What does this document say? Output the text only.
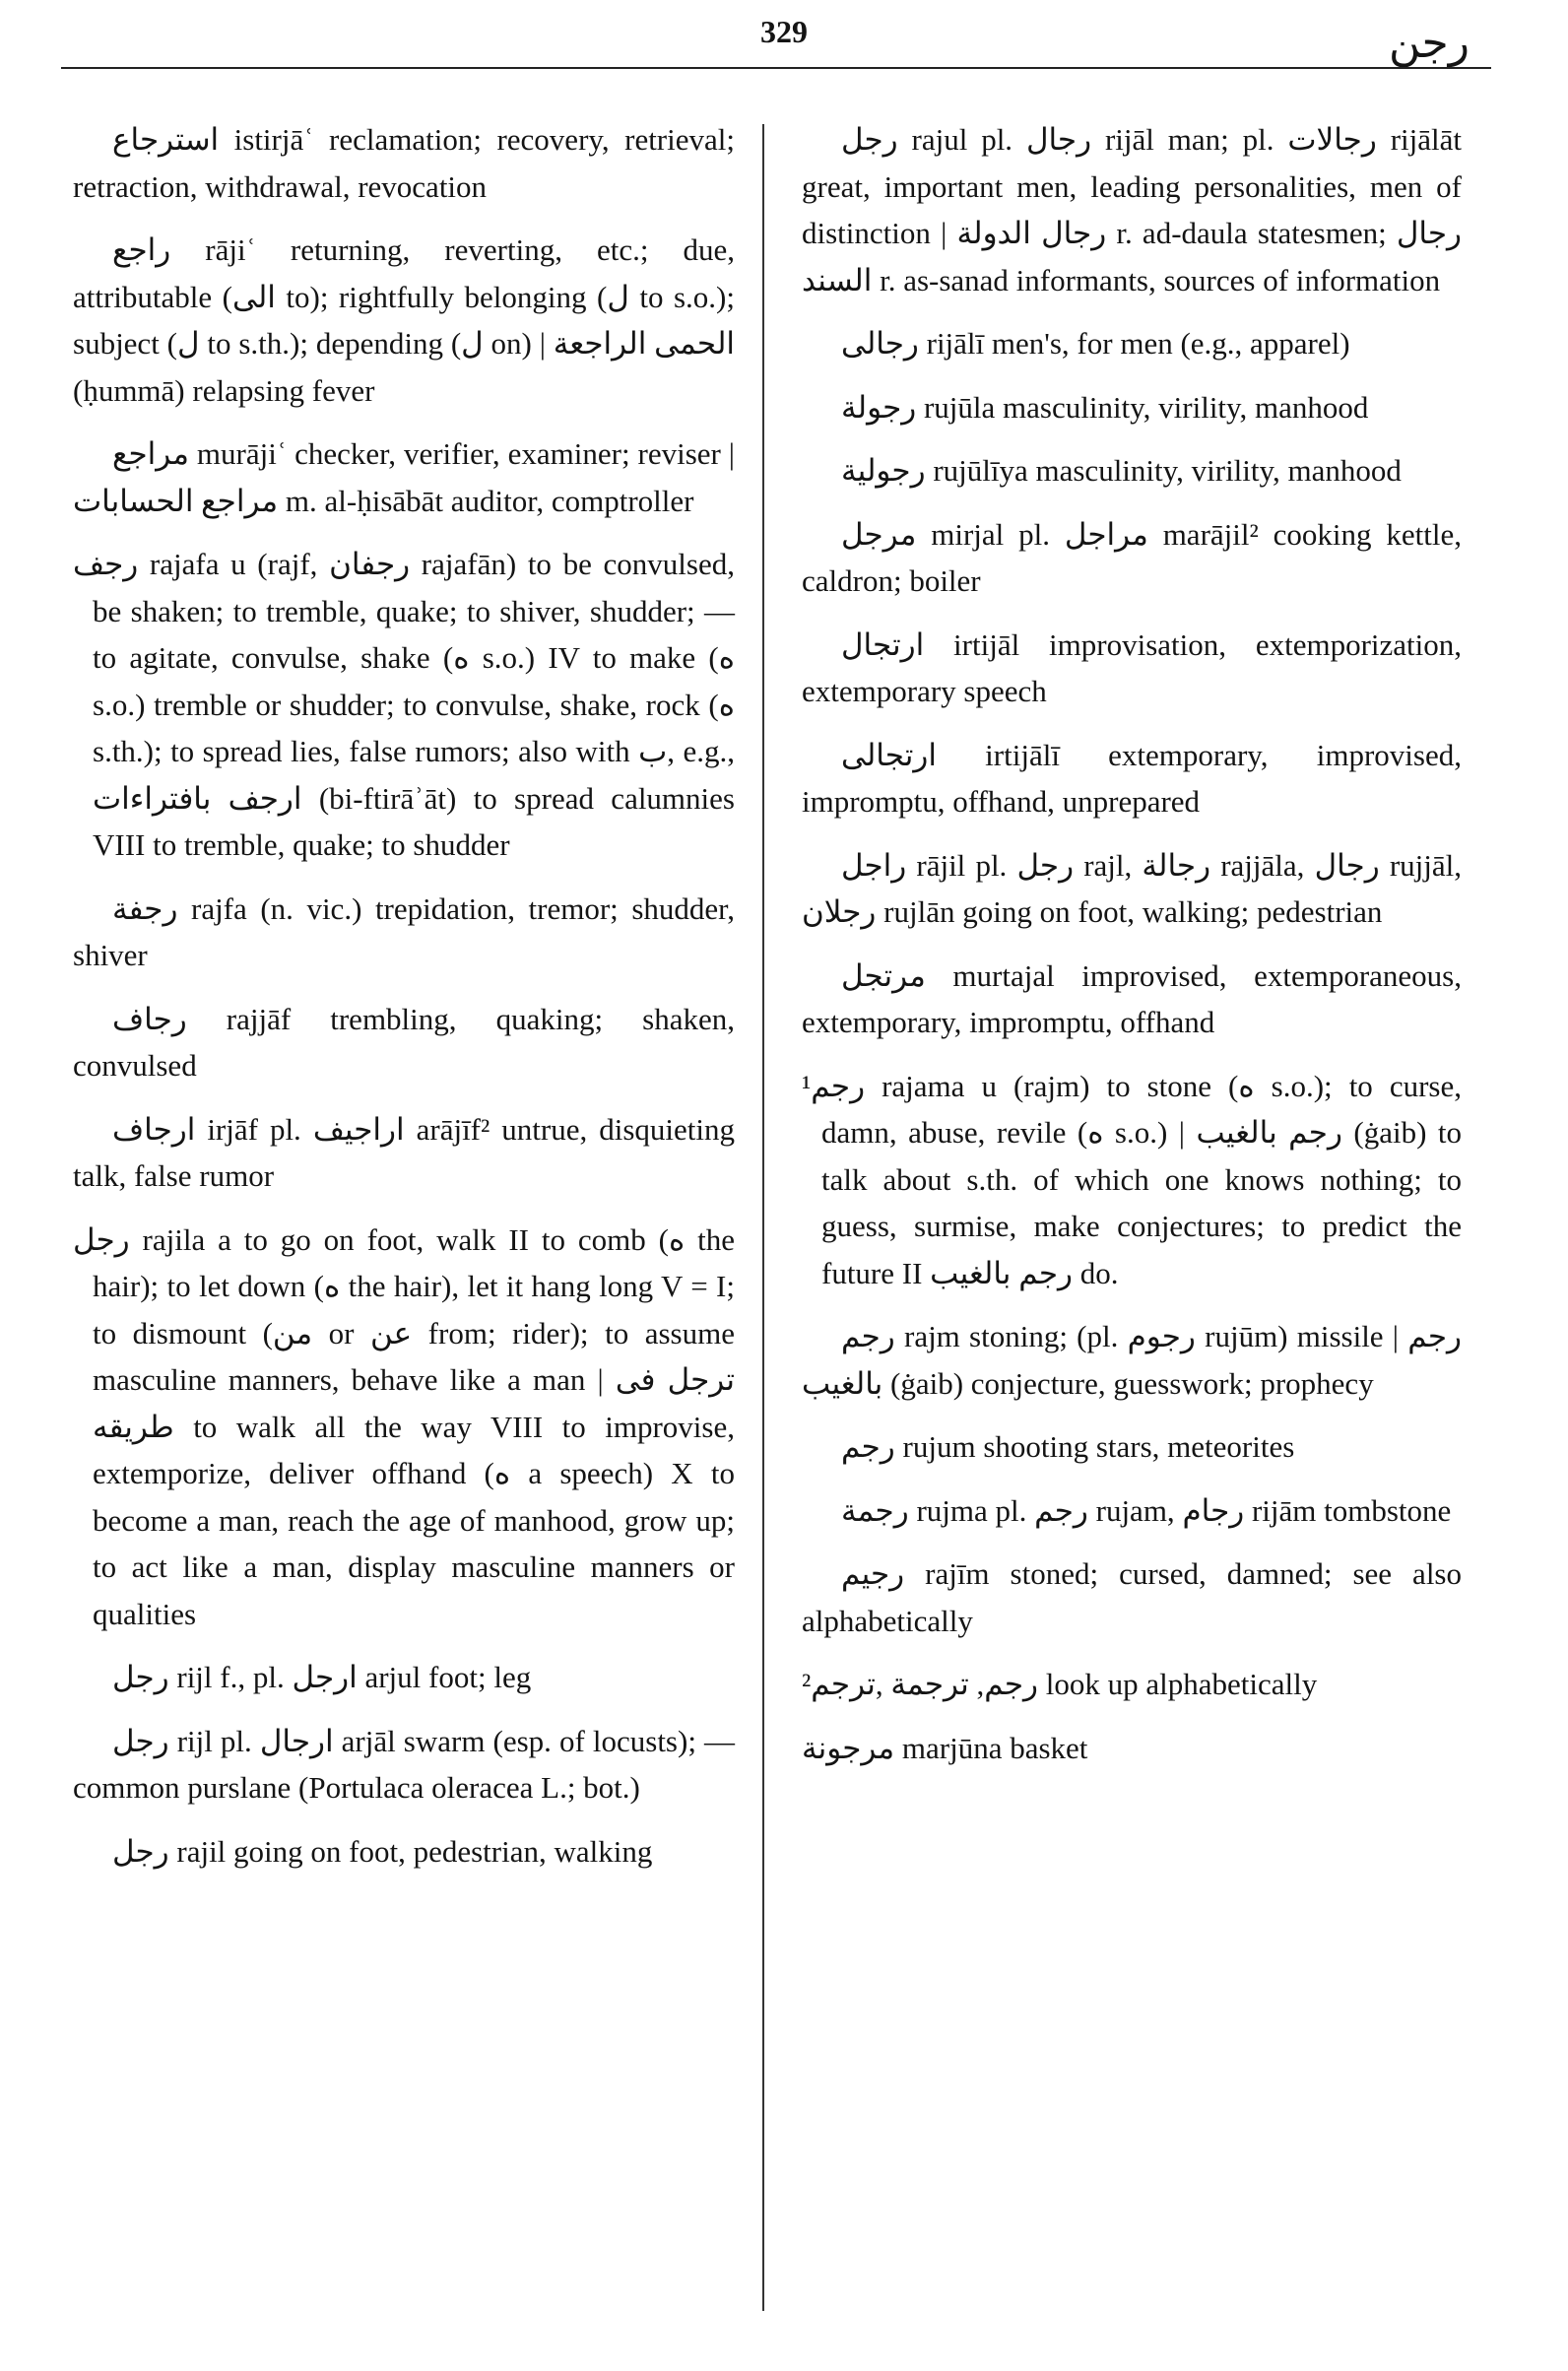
329	رجن

استرجاع istirjāʿ reclamation; recovery, retrieval; retraction, withdrawal, revocation

راجع rājiʿ returning, reverting, etc.; due, attributable (الى to); rightfully belonging (ل to s.o.); subject (ل to s.th.); depending (ل on) | الحمى الراجعة (ḥummā) relapsing fever

مراجع murājiʿ checker, verifier, examiner; reviser | مراجع الحسابات m. al-ḥisābāt auditor, comptroller

رجف rajafa u (rajf, رجفان rajafān) to be convulsed, be shaken; to tremble, quake; to shiver, shudder; — to agitate, convulse, shake (ه s.o.) IV to make (ه s.o.) tremble or shudder; to convulse, shake, rock (ه s.th.); to spread lies, false rumors; also with ب, e.g., ارجف بافتراءات (bi-ftirāʾāt) to spread calumnies VIII to tremble, quake; to shudder

رجفة rajfa (n. vic.) trepidation, tremor; shudder, shiver

رجاف rajjāf trembling, quaking; shaken, convulsed

ارجاف irjāf pl. اراجيف arājīf² untrue, disquieting talk, false rumor

رجل rajila a to go on foot, walk II to comb (ه the hair); to let down (ه the hair), let it hang long V = I; to dismount (من or عن from; rider); to assume masculine manners, behave like a man | ترجل فى طريقه to walk all the way VIII to improvise, extemporize, deliver offhand (ه a speech) X to become a man, reach the age of manhood, grow up; to act like a man, display masculine manners or qualities

رجل rijl f., pl. ارجل arjul foot; leg

رجل rijl pl. ارجال arjāl swarm (esp. of locusts); — common purslane (Portulaca oleracea L.; bot.)

رجل rajil going on foot, pedestrian, walking

رجل rajul pl. رجال rijāl man; pl. رجالات rijālāt great, important men, leading personalities, men of distinction | رجال الدولة r. ad-daula statesmen; رجال السند r. as-sanad informants, sources of information

رجالى rijālī men's, for men (e.g., apparel)

رجولة rujūla masculinity, virility, manhood

رجولية rujūlīya masculinity, virility, manhood

مرجل mirjal pl. مراجل marājil² cooking kettle, caldron; boiler

ارتجال irtijāl improvisation, extemporization, extemporary speech

ارتجالى irtijālī extemporary, improvised, impromptu, offhand, unprepared

راجل rājil pl. رجل rajl, رجالة rajjāla, رجال rujjāl, رجلان rujlān going on foot, walking; pedestrian

مرتجل murtajal improvised, extemporaneous, extemporary, impromptu, offhand

¹رجم rajama u (rajm) to stone (ه s.o.); to curse, damn, abuse, revile (ه s.o.) | رجم بالغيب (ġaib) to talk about s.th. of which one knows nothing; to guess, surmise, make conjectures; to predict the future II رجم بالغيب do.

رجم rajm stoning; (pl. رجوم rujūm) missile | رجم بالغيب (ġaib) conjecture, guesswork; prophecy

رجم rujum shooting stars, meteorites

رجمة rujma pl. رجم rujam, رجام rijām tombstone

رجيم rajīm stoned; cursed, damned; see also alphabetically

²رجم, ترجمة ,ترجم look up alphabetically

مرجونة marjūna basket
